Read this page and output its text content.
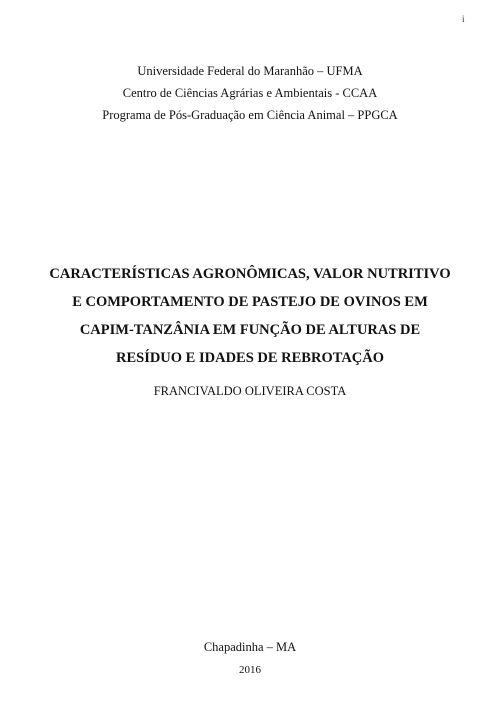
i
Universidade Federal do Maranhão – UFMA
Centro de Ciências Agrárias e Ambientais - CCAA
Programa de Pós-Graduação em Ciência Animal – PPGCA
CARACTERÍSTICAS AGRONÔMICAS, VALOR NUTRITIVO
E COMPORTAMENTO DE PASTEJO DE OVINOS EM
CAPIM-TANZÂNIA EM FUNÇÃO DE ALTURAS DE
RESÍDUO E IDADES DE REBROTAÇÃO
FRANCIVALDO OLIVEIRA COSTA
Chapadinha – MA
2016
